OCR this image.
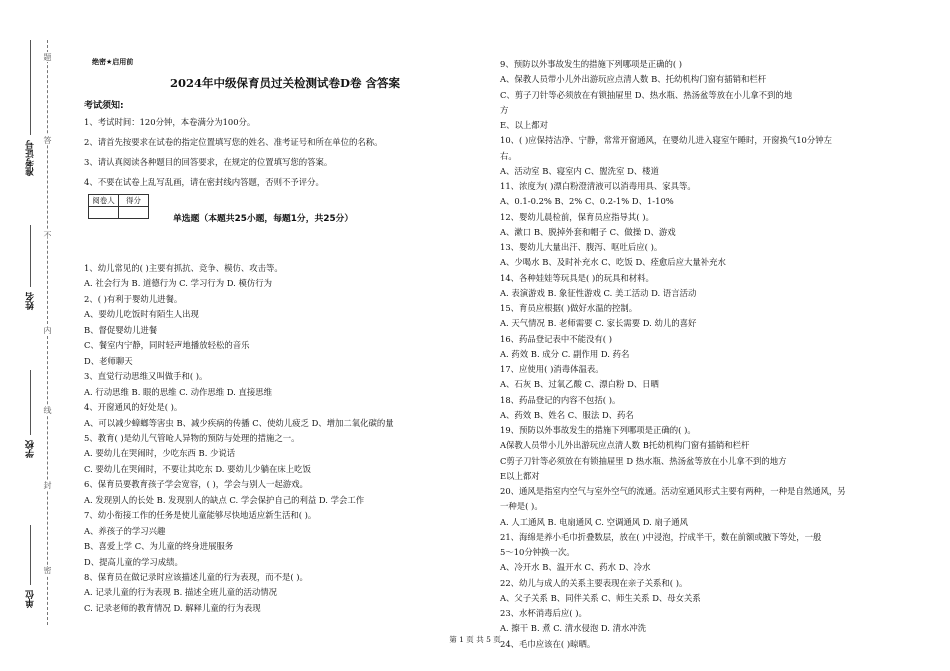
题
答
不
内
线
封
密
准考证号
姓名
学校
单位
绝密★启用前
2024年中级保育员过关检测试卷D卷 含答案
考试须知:
1、考试时间：120分钟，本卷满分为100分。
2、请首先按要求在试卷的指定位置填写您的姓名、准考证号和所在单位的名称。
3、请认真阅读各种题目的回答要求，在规定的位置填写您的答案。
4、不要在试卷上乱写乱画，请在密封线内答题，否则不予评分。
阅卷人	得分

单选题（本题共25小题，每题1分，共25分）
1、幼儿常见的( )主要有抓抗、竞争、模仿、攻击等。
A. 社会行为 B. 道德行为 C. 学习行为 D. 模仿行为
2、( )有利于婴幼儿进餐。
A、要幼儿吃饭时有陌生人出现
B、督促婴幼儿进餐
C、餐室内宁静，同时轻声地播放轻松的音乐
D、老师聊天
3、直觉行动思维又叫做手和( )。
A. 行动思维 B. 眼的思维 C. 动作思维 D. 直接思维
4、开窗通风的好处是( )。
A、可以减少蟑螂等害虫 B、减少疾病的传播 C、使幼儿疲乏 D、增加二氧化碳的量
5、教育( )是幼儿气管呛人异物的预防与处理的措施之一。
A. 要幼儿在哭闹时，少吃东西 B. 少说话
C. 要幼儿在哭闹时，不要让其吃东 D. 要幼儿少躺在床上吃饭
6、保育员要教育孩子学会宽容，( )，学会与别人一起游戏。
A. 发现别人的长处 B. 发现别人的缺点 C. 学会保护自己的利益 D. 学会工作
7、幼小衔接工作的任务是使儿童能够尽快地适应新生活和( )。
A、养孩子的学习兴趣
B、喜爱上学 C、为儿童的终身进展服务
D、提高儿童的学习成绩。
8、保育员在做记录时应该描述儿童的行为表现，而不是( )。
A. 记录儿童的行为表现 B. 描述全班儿童的活动情况
C. 记录老师的教育情况 D. 解释儿童的行为表现
9、预防以外事故发生的措施下列哪项是正确的( )
A、保教人员带小儿外出游玩应点清人数 B、托幼机构门窗有插销和栏杆
C、剪子刀针等必须放在有锁抽屉里 D、热水瓶、热汤盆等放在小儿拿不到的地
方
E、以上都对
10、( )应保持洁净、宁静，常常开窗通风，在婴幼儿进入寝室午睡时，开窗换气10分钟左
右。
A、活动室 B、寝室内 C、盥洗室 D、楼道
11、浓度为( )漂白粉澄清液可以消毒用具、家具等。
A、0.1-0.2% B、2% C、0.2-1% D、1-10%
12、婴幼儿晨检前，保育员应指导其( )。
A、漱口 B、脱掉外套和帽子 C、做操 D、游戏
13、婴幼儿大量出汗、腹泻、呕吐后应( )。
A、少喝水 B、及时补充水 C、吃饭 D、痊愈后应大量补充水
14、各种娃娃等玩具是( )的玩具和材料。
A. 表演游戏 B. 象征性游戏 C. 美工活动 D. 语言活动
15、育员应根据( )做好水温的控制。
A. 天气情况 B. 老师需要 C. 家长需要 D. 幼儿的喜好
16、药品登记表中不能没有( )
A. 药效 B. 成分 C. 副作用 D. 药名
17、应使用( )消毒体温表。
A、石灰 B、过氧乙酸 C、漂白粉 D、日晒
18、药品登记的内容不包括( )。
A、药效 B、姓名 C、服法 D、药名
19、预防以外事故发生的措施下列哪项是正确的( )。
A保教人员带小儿外出游玩应点清人数 B托幼机构门窗有插销和栏杆
C剪子刀针等必须放在有锁抽屉里 D 热水瓶、热汤盆等放在小儿拿不到的地方
E以上都对
20、通风是指室内空气与室外空气的流通。活动室通风形式主要有两种，一种是自然通风，另
一种是( )。
A. 人工通风 B. 电扇通风 C. 空调通风 D. 扇子通风
21、海绵是养小毛巾折叠数层，放在( )中浸泡，拧成半干，数在前额或腋下等处，一般
5～10分钟换一次。
A、冷开水 B、温开水 C、药水 D、冷水
22、幼儿与成人的关系主要表现在亲子关系和( )。
A、父子关系 B、同伴关系 C、师生关系 D、母女关系
23、水杯消毒后应( )。
A. 擦干 B. 煮 C. 清水侵泡 D. 清水冲洗
24、毛巾应该在( )晾晒。
第 1 页 共 5 页
